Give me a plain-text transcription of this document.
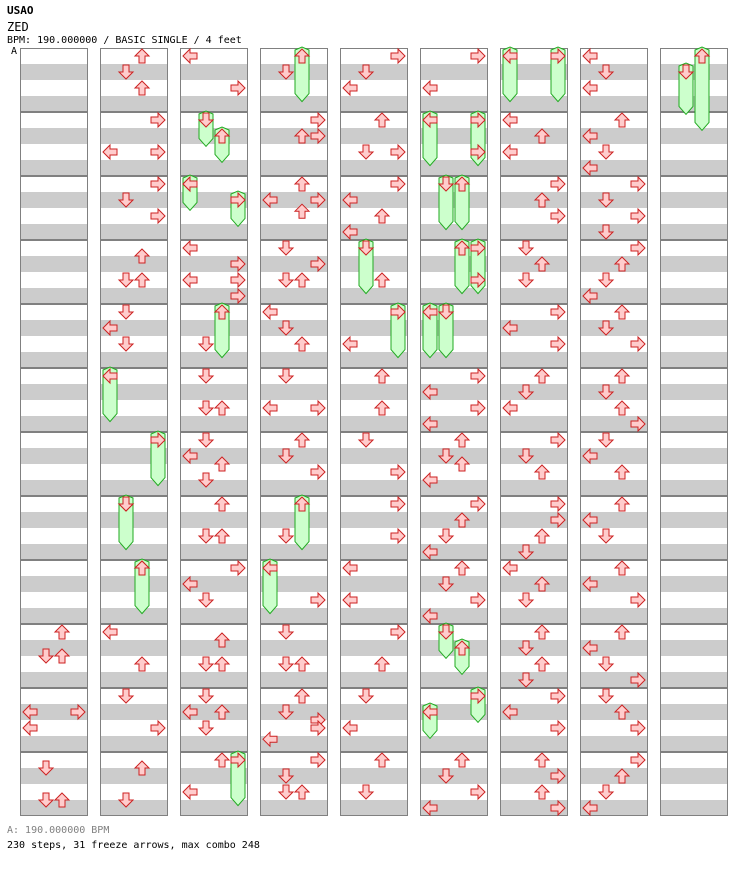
USAO
ZED
BPM: 190.000000 / BASIC SINGLE / 4 feet
A
A: 190.000000 BPM
230 steps, 31 freeze arrows, max combo 248
